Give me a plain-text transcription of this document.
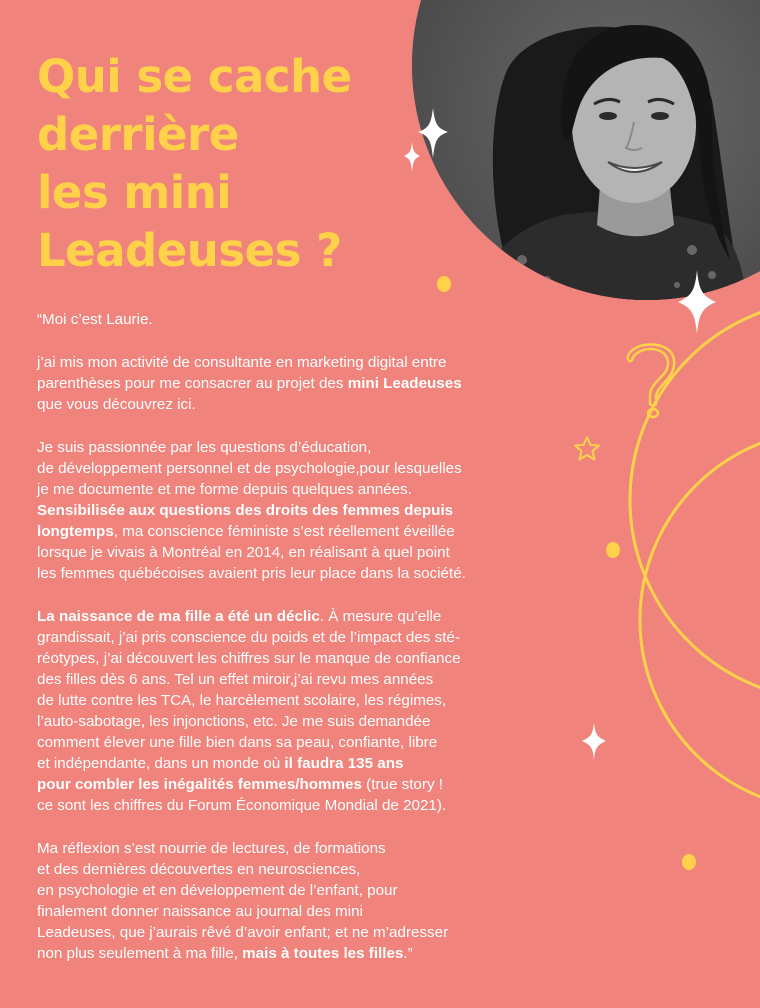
Qui se cache
derrière
les mini
Leadeuses ?

“Moi c’est Laurie.

j’ai mis mon activité de consultante en marketing digital entre
parenthèses pour me consacrer au projet des mini Leadeuses
que vous découvrez ici.

Je suis passionnée par les questions d’éducation,
de développement personnel et de psychologie,pour lesquelles
je me documente et me forme depuis quelques années.
Sensibilisée aux questions des droits des femmes depuis
longtemps, ma conscience féministe s’est réellement éveillée
lorsque je vivais à Montréal en 2014, en réalisant à quel point
les femmes québécoises avaient pris leur place dans la société.

La naissance de ma fille a été un déclic. À mesure qu’elle
grandissait, j’ai pris conscience du poids et de l’impact des sté-
réotypes, j’ai découvert les chiffres sur le manque de confiance
des filles dès 6 ans. Tel un effet miroir,j’ai revu mes années
de lutte contre les TCA, le harcèlement scolaire, les régimes,
l’auto-sabotage, les injonctions, etc. Je me suis demandée
comment élever une fille bien dans sa peau, confiante, libre
et indépendante, dans un monde où il faudra 135 ans
pour combler les inégalités femmes/hommes (true story !
ce sont les chiffres du Forum Économique Mondial de 2021).

Ma réflexion s’est nourrie de lectures, de formations
et des dernières découvertes en neurosciences,
en psychologie et en développement de l’enfant, pour
finalement donner naissance au journal des mini
Leadeuses, que j’aurais rêvé d’avoir enfant; et ne m’adresser
non plus seulement à ma fille, mais à toutes les filles.”
